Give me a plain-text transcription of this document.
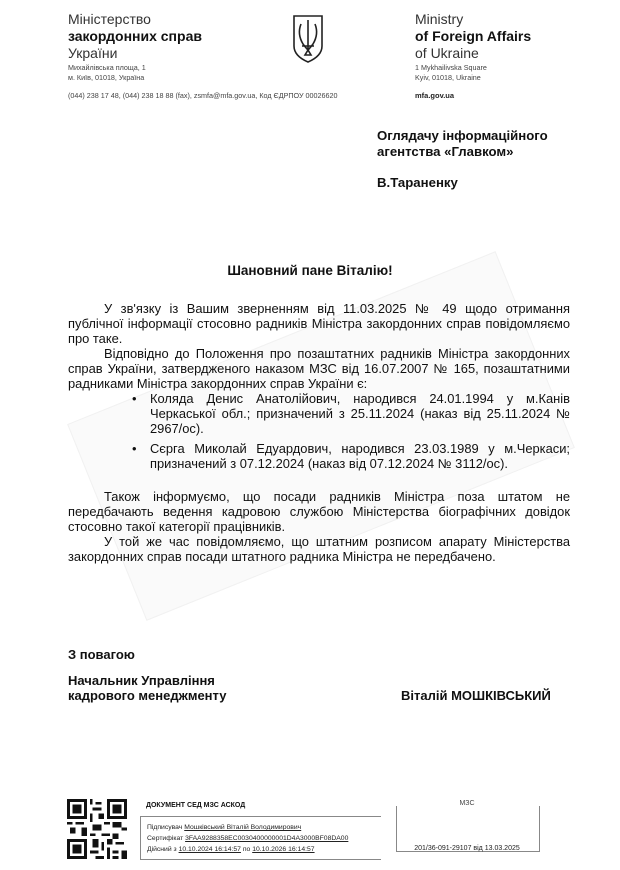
Міністерство
закордонних справ
України
Михайлівська площа, 1
м. Київ, 01018, Україна
(044) 238 17 48, (044) 238 18 88 (fax), zsmfa@mfa.gov.ua, Код ЄДРПОУ 00026620
Ministry
of Foreign Affairs
of Ukraine
1 Mykhailivska Square
Kyiv, 01018, Ukraine
mfa.gov.ua
Оглядачу інформаційного
агентства «Главком»
В.Тараненку
Шановний пане Віталію!

У зв'язку із Вашим зверненням від 11.03.2025 № 49 щодо отримання публічної інформації стосовно радників Міністра закордонних справ повідомляємо про таке.

Відповідно до Положення про позаштатних радників Міністра закордонних справ України, затвердженого наказом МЗС від 16.07.2007 № 165, позаштатними радниками Міністра закордонних справ України є:

• Коляда Денис Анатолійович, народився 24.01.1994 у м.Канів Черкаської обл.; призначений з 25.11.2024 (наказ від 25.11.2024 № 2967/ос).
• Сєрга Миколай Едуардович, народився 23.03.1989 у м.Черкаси; призначений з 07.12.2024 (наказ від 07.12.2024 № 3112/ос).

Також інформуємо, що посади радників Міністра поза штатом не передбачають ведення кадровою службою Міністерства біографічних довідок стосовно такої категорії працівників.

У той же час повідомляємо, що штатним розписом апарату Міністерства закордонних справ посади штатного радника Міністра не передбачено.

З повагою
Начальник Управління
кадрового менеджменту	Віталій МОШКІВСЬКИЙ
ДОКУМЕНТ СЕД МЗС АСКОД
Підписувач Мошківський Віталій Володимирович
Сертифікат 3FAA9288358EC0030400000001D4A3000BF08DA00
Дійсний з 10.10.2024 16:14:57 по 10.10.2026 16:14:57
МЗС
201/36-091-29107 від 13.03.2025
